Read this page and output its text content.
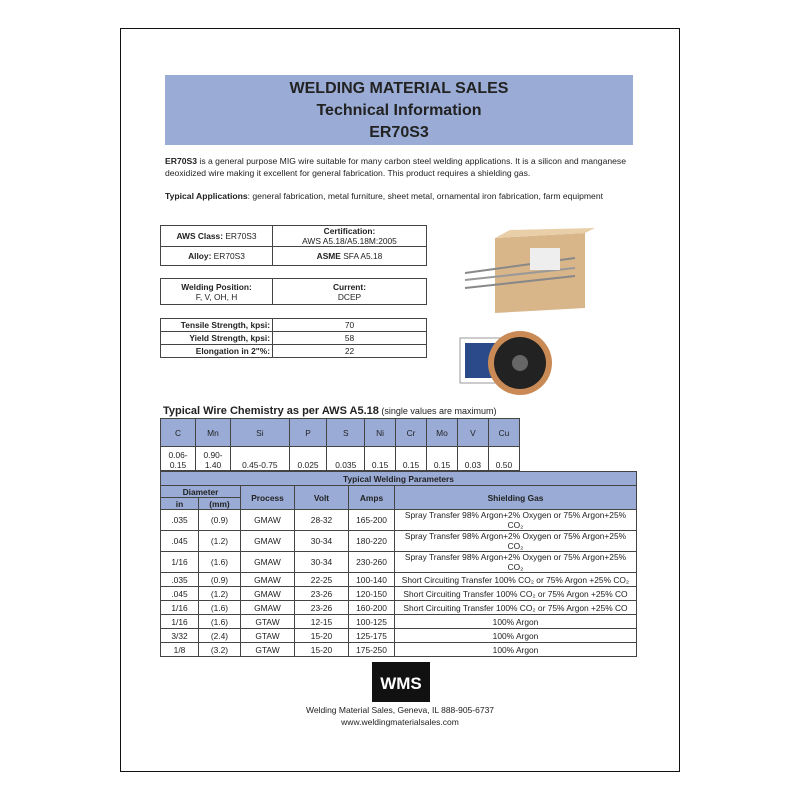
WELDING MATERIAL SALES
Technical Information
ER70S3
ER70S3 is a general purpose MIG wire suitable for many carbon steel welding applications. It is a silicon and manganese deoxidized wire making it excellent for general fabrication. This product requires a shielding gas.
Typical Applications: general fabrication, metal furniture, sheet metal, ornamental iron fabrication, farm equipment
AWS Class: ER70S3	Certification:
AWS A5.18/A5.18M:2005
Alloy: ER70S3	ASME SFA A5.18
Welding Position:
F, V, OH, H	Current:
DCEP
Tensile Strength, kpsi:	70
Yield Strength, kpsi:	58
Elongation in 2"%:	22
Typical Wire Chemistry as per AWS A5.18 (single values are maximum)
C	Mn	Si	P	S	Ni	Cr	Mo	V	Cu
0.06-
0.15	0.90-
1.40	0.45-0.75	0.025	0.035	0.15	0.15	0.15	0.03	0.50
Typical Welding Parameters					
Diameter		Process	Volt	Amps	Shielding Gas
in	(mm)				
.035	(0.9)	GMAW	28-32	165-200	Spray Transfer 98% Argon+2% Oxygen or 75% Argon+25% CO₂
.045	(1.2)	GMAW	30-34	180-220	Spray Transfer 98% Argon+2% Oxygen or 75% Argon+25% CO₂
1/16	(1.6)	GMAW	30-34	230-260	Spray Transfer 98% Argon+2% Oxygen or 75% Argon+25% CO₂
.035	(0.9)	GMAW	22-25	100-140	Short Circuiting Transfer 100% CO₂ or 75% Argon +25% CO₂
.045	(1.2)	GMAW	23-26	120-150	Short Circuiting Transfer 100% CO₂ or 75% Argon +25% CO
1/16	(1.6)	GMAW	23-26	160-200	Short Circuiting Transfer 100% CO₂ or 75% Argon +25% CO
1/16	(1.6)	GTAW	12-15	100-125	100% Argon
3/32	(2.4)	GTAW	15-20	125-175	100% Argon
1/8	(3.2)	GTAW	15-20	175-250	100% Argon
WMS
Welding Material Sales, Geneva, IL 888-905-6737
www.weldingmaterialsales.com
